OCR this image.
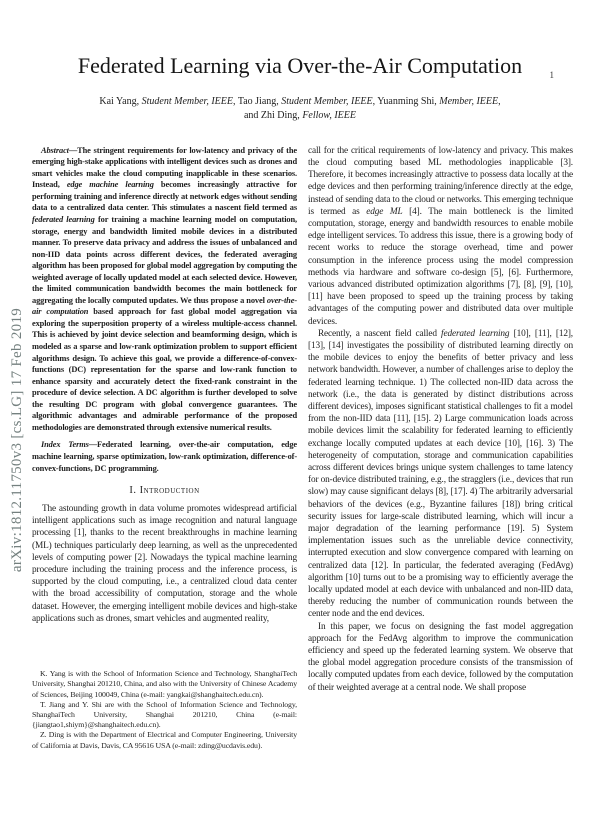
1
arXiv:1812.11750v3 [cs.LG] 17 Feb 2019
Federated Learning via Over-the-Air Computation
Kai Yang, Student Member, IEEE, Tao Jiang, Student Member, IEEE, Yuanming Shi, Member, IEEE,
and Zhi Ding, Fellow, IEEE

Abstract—The stringent requirements for low-latency and privacy of the emerging high-stake applications with intelligent devices such as drones and smart vehicles make the cloud computing inapplicable in these scenarios. Instead, edge machine learning becomes increasingly attractive for performing training and inference directly at network edges without sending data to a centralized data center. This stimulates a nascent field termed as federated learning for training a machine learning model on computation, storage, energy and bandwidth limited mobile devices in a distributed manner. To preserve data privacy and address the issues of unbalanced and non-IID data points across different devices, the federated averaging algorithm has been proposed for global model aggregation by computing the weighted average of locally updated model at each selected device. However, the limited communication bandwidth becomes the main bottleneck for aggregating the locally computed updates. We thus propose a novel over-the-air computation based approach for fast global model aggregation via exploring the superposition property of a wireless multiple-access channel. This is achieved by joint device selection and beamforming design, which is modeled as a sparse and low-rank optimization problem to support efficient algorithms design. To achieve this goal, we provide a difference-of-convex-functions (DC) representation for the sparse and low-rank function to enhance sparsity and accurately detect the fixed-rank constraint in the procedure of device selection. A DC algorithm is further developed to solve the resulting DC program with global convergence guarantees. The algorithmic advantages and admirable performance of the proposed methodologies are demonstrated through extensive numerical results.

Index Terms—Federated learning, over-the-air computation, edge machine learning, sparse optimization, low-rank optimization, difference-of-convex-functions, DC programming.

I. Introduction

The astounding growth in data volume promotes widespread artificial intelligent applications such as image recognition and natural language processing [1], thanks to the recent breakthroughs in machine learning (ML) techniques particularly deep learning, as well as the unprecedented levels of computing power [2]. Nowadays the typical machine learning procedure including the training process and the inference process, is supported by the cloud computing, i.e., a centralized cloud data center with the broad accessibility of computation, storage and the whole dataset. However, the emerging intelligent mobile devices and high-stake applications such as drones, smart vehicles and augmented reality,

K. Yang is with the School of Information Science and Technology, ShanghaiTech University, Shanghai 201210, China, and also with the University of Chinese Academy of Sciences, Beijing 100049, China (e-mail: yangkai@shanghaitech.edu.cn).

T. Jiang and Y. Shi are with the School of Information Science and Technology, ShanghaiTech University, Shanghai 201210, China (e-mail: {jiangtao1,shiym}@shanghaitech.edu.cn).

Z. Ding is with the Department of Electrical and Computer Engineering, University of California at Davis, Davis, CA 95616 USA (e-mail: zding@ucdavis.edu).

call for the critical requirements of low-latency and privacy. This makes the cloud computing based ML methodologies inapplicable [3]. Therefore, it becomes increasingly attractive to possess data locally at the edge devices and then performing training/inference directly at the edge, instead of sending data to the cloud or networks. This emerging technique is termed as edge ML [4]. The main bottleneck is the limited computation, storage, energy and bandwidth resources to enable mobile edge intelligent services. To address this issue, there is a growing body of recent works to reduce the storage overhead, time and power consumption in the inference process using the model compression methods via hardware and software co-design [5], [6]. Furthermore, various advanced distributed optimization algorithms [7], [8], [9], [10], [11] have been proposed to speed up the training process by taking advantages of the computing power and distributed data over multiple devices.

Recently, a nascent field called federated learning [10], [11], [12], [13], [14] investigates the possibility of distributed learning directly on the mobile devices to enjoy the benefits of better privacy and less network bandwidth. However, a number of challenges arise to deploy the federated learning technique. 1) The collected non-IID data across the network (i.e., the data is generated by distinct distributions across different devices), imposes significant statistical challenges to fit a model from the non-IID data [11], [15]. 2) Large communication loads across mobile devices limit the scalability for federated learning to efficiently exchange locally computed updates at each device [10], [16]. 3) The heterogeneity of computation, storage and communication capabilities across different devices brings unique system challenges to tame latency for on-device distributed training, e.g., the stragglers (i.e., devices that run slow) may cause significant delays [8], [17]. 4) The arbitrarily adversarial behaviors of the devices (e.g., Byzantine failures [18]) bring critical security issues for large-scale distributed learning, which will incur a major degradation of the learning performance [19]. 5) System implementation issues such as the unreliable device connectivity, interrupted execution and slow convergence compared with learning on centralized data [12]. In particular, the federated averaging (FedAvg) algorithm [10] turns out to be a promising way to efficiently average the locally updated model at each device with unbalanced and non-IID data, thereby reducing the number of communication rounds between the center node and the end devices.

In this paper, we focus on designing the fast model aggregation approach for the FedAvg algorithm to improve the communication efficiency and speed up the federated learning system. We observe that the global model aggregation procedure consists of the transmission of locally computed updates from each device, followed by the computation of their weighted average at a central node. We shall propose
